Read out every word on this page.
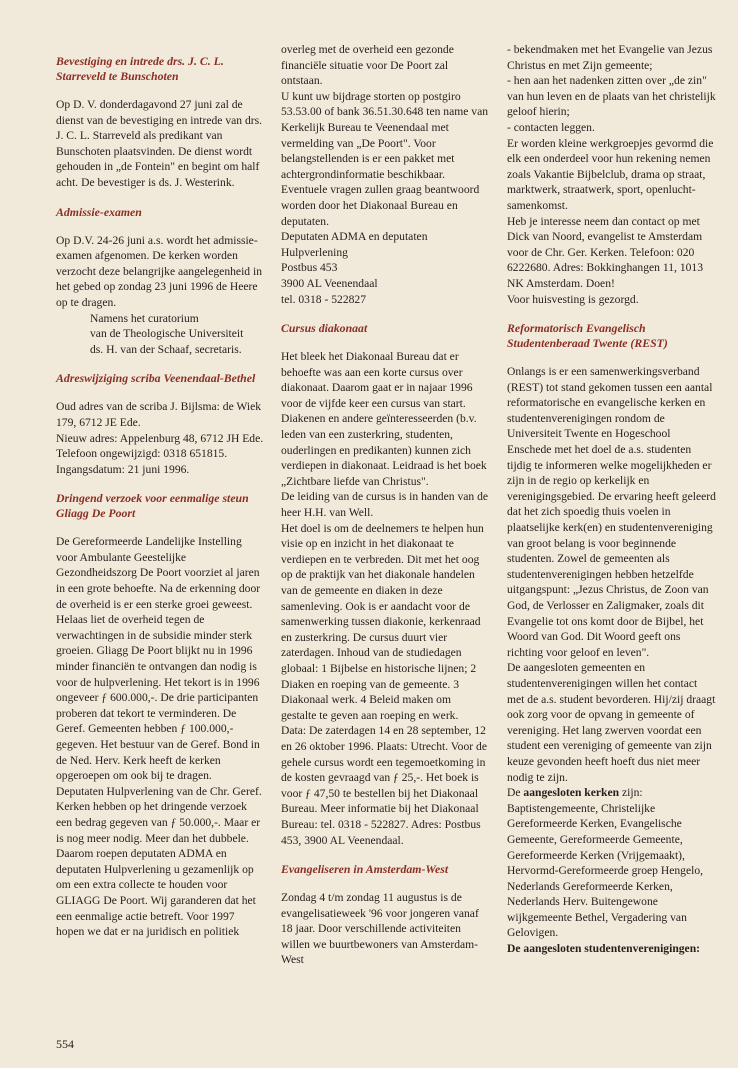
Bevestiging en intrede drs. J. C. L. Starreveld te Bunschoten

Op D. V. donderdagavond 27 juni zal de dienst van de bevestiging en intrede van drs. J. C. L. Starreveld als predikant van Bunschoten plaatsvinden. De dienst wordt gehouden in „de Fontein" en begint om half acht. De bevestiger is ds. J. Westerink.

Admissie-examen

Op D.V. 24-26 juni a.s. wordt het admissie-examen afgenomen. De kerken worden verzocht deze belangrijke aangelegenheid in het gebed op zondag 23 juni 1996 de Heere op te dragen.

Namens het curatorium

van de Theologische Universiteit

ds. H. van der Schaaf, secretaris.

Adreswijziging scriba Veenendaal-Bethel

Oud adres van de scriba J. Bijlsma: de Wiek 179, 6712 JE Ede.

Nieuw adres: Appelenburg 48, 6712 JH Ede. Telefoon ongewijzigd: 0318 651815. Ingangsdatum: 21 juni 1996.

Dringend verzoek voor eenmalige steun Gliagg De Poort

De Gereformeerde Landelijke Instelling voor Ambulante Geestelijke Gezondheidszorg De Poort voorziet al jaren in een grote behoefte. Na de erkenning door de overheid is er een sterke groei geweest. Helaas liet de overheid tegen de verwachtingen in de subsidie minder sterk groeien. Gliagg De Poort blijkt nu in 1996 minder financiën te ontvangen dan nodig is voor de hulpverlening. Het tekort is in 1996 ongeveer ƒ 600.000,-. De drie participanten proberen dat tekort te verminderen. De Geref. Gemeenten hebben ƒ 100.000,- gegeven. Het bestuur van de Geref. Bond in de Ned. Herv. Kerk heeft de kerken opgeroepen om ook bij te dragen.

Deputaten Hulpverlening van de Chr. Geref. Kerken hebben op het dringende verzoek een bedrag gegeven van ƒ 50.000,-. Maar er is nog meer nodig. Meer dan het dubbele. Daarom roepen deputaten ADMA en deputaten Hulpverlening u gezamenlijk op om een extra collecte te houden voor GLIAGG De Poort. Wij garanderen dat het een eenmalige actie betreft. Voor 1997 hopen we dat er na juridisch en politiek

overleg met de overheid een gezonde financiële situatie voor De Poort zal ontstaan.

U kunt uw bijdrage storten op postgiro 53.53.00 of bank 36.51.30.648 ten name van Kerkelijk Bureau te Veenendaal met vermelding van „De Poort". Voor belangstellenden is er een pakket met achtergrondinformatie beschikbaar. Eventuele vragen zullen graag beantwoord worden door het Diakonaal Bureau en deputaten.

Deputaten ADMA en deputaten Hulpverlening

Postbus 453

3900 AL Veenendaal

tel. 0318 - 522827

Cursus diakonaat

Het bleek het Diakonaal Bureau dat er behoefte was aan een korte cursus over diakonaat. Daarom gaat er in najaar 1996 voor de vijfde keer een cursus van start. Diakenen en andere geïnteresseerden (b.v. leden van een zusterkring, studenten, ouderlingen en predikanten) kunnen zich verdiepen in diakonaat. Leidraad is het boek „Zichtbare liefde van Christus".

De leiding van de cursus is in handen van de heer H.H. van Well.

Het doel is om de deelnemers te helpen hun visie op en inzicht in het diakonaat te verdiepen en te verbreden. Dit met het oog op de praktijk van het diakonale handelen van de gemeente en diaken in deze samenleving. Ook is er aandacht voor de samenwerking tussen diakonie, kerkenraad en zusterkring. De cursus duurt vier zaterdagen. Inhoud van de studiedagen globaal: 1 Bijbelse en historische lijnen; 2 Diaken en roeping van de gemeente. 3 Diakonaal werk. 4 Beleid maken om gestalte te geven aan roeping en werk.

Data: De zaterdagen 14 en 28 september, 12 en 26 oktober 1996. Plaats: Utrecht. Voor de gehele cursus wordt een tegemoetkoming in de kosten gevraagd van ƒ 25,-. Het boek is voor ƒ 47,50 te bestellen bij het Diakonaal Bureau. Meer informatie bij het Diakonaal Bureau: tel. 0318 - 522827. Adres: Postbus 453, 3900 AL Veenendaal.

Evangeliseren in Amsterdam-West

Zondag 4 t/m zondag 11 augustus is de evangelisatieweek '96 voor jongeren vanaf 18 jaar. Door verschillende activiteiten willen we buurtbewoners van Amsterdam-West

- bekendmaken met het Evangelie van Jezus Christus en met Zijn gemeente;

- hen aan het nadenken zitten over „de zin" van hun leven en de plaats van het christelijk geloof hierin;

- contacten leggen.

Er worden kleine werkgroepjes gevormd die elk een onderdeel voor hun rekening nemen zoals Vakantie Bijbelclub, drama op straat, marktwerk, straatwerk, sport, openlucht-samenkomst.

Heb je interesse neem dan contact op met Dick van Noord, evangelist te Amsterdam voor de Chr. Ger. Kerken. Telefoon: 020 6222680. Adres: Bokkinghangen 11, 1013 NK Amsterdam. Doen!

Voor huisvesting is gezorgd.

Reformatorisch Evangelisch Studentenberaad Twente (REST)

Onlangs is er een samenwerkingsverband (REST) tot stand gekomen tussen een aantal reformatorische en evangelische kerken en studentenverenigingen rondom de Universiteit Twente en Hogeschool Enschede met het doel de a.s. studenten tijdig te informeren welke mogelijkheden er zijn in de regio op kerkelijk en verenigingsgebied. De ervaring heeft geleerd dat het zich spoedig thuis voelen in plaatselijke kerk(en) en studentenvereniging van groot belang is voor beginnende studenten. Zowel de gemeenten als studentenverenigingen hebben hetzelfde uitgangspunt: „Jezus Christus, de Zoon van God, de Verlosser en Zaligmaker, zoals dit Evangelie tot ons komt door de Bijbel, het Woord van God. Dit Woord geeft ons richting voor geloof en leven".

De aangesloten gemeenten en studentenverenigingen willen het contact met de a.s. student bevorderen. Hij/zij draagt ook zorg voor de opvang in gemeente of vereniging. Het lang zwerven voordat een student een vereniging of gemeente van zijn keuze gevonden heeft hoeft dus niet meer nodig te zijn.

De aangesloten kerken zijn: Baptistengemeente, Christelijke Gereformeerde Kerken, Evangelische Gemeente, Gereformeerde Gemeente, Gereformeerde Kerken (Vrijgemaakt), Hervormd-Gereformeerde groep Hengelo, Nederlands Gereformeerde Kerken, Nederlands Herv. Buitengewone wijkgemeente Bethel, Vergadering van Gelovigen.

De aangesloten studentenverenigingen:

554
